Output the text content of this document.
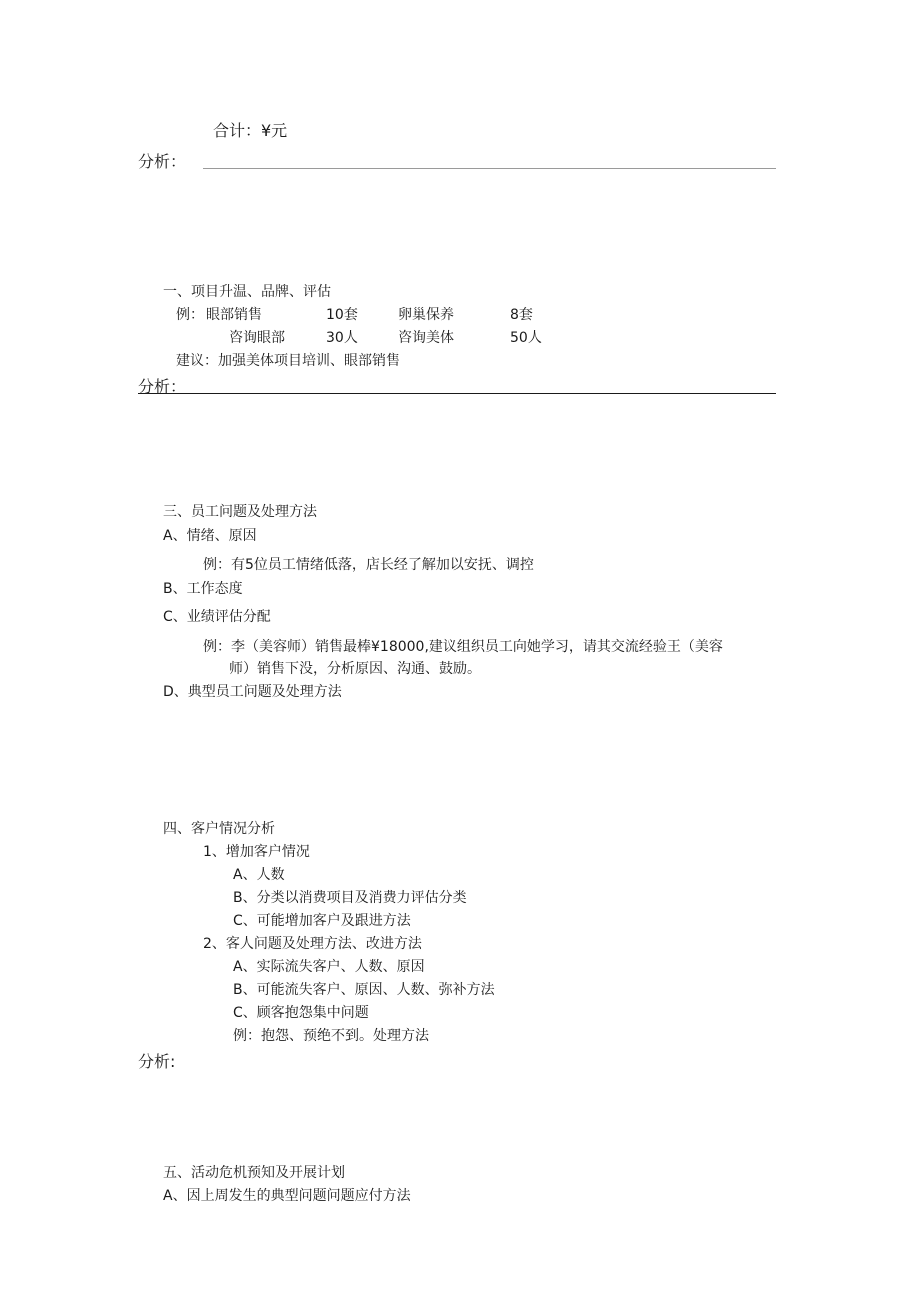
合计：¥元
分析：
一、项目升温、品牌、评估
例： 眼部销售	10套	卵巢保养	8套
咨询眼部	30人	咨询美体	50人
建议：加强美体项目培训、眼部销售
分析：
三、员工问题及处理方法
A、情绪、原因
例：有5位员工情绪低落，店长经了解加以安抚、调控
B、工作态度
C、业绩评估分配
例：李（美容师）销售最棒¥18000,建议组织员工向她学习，请其交流经验王（美容
师）销售下没，分析原因、沟通、鼓励。
D、典型员工问题及处理方法
四、客户情况分析
1、增加客户情况
A、人数
B、分类以消费项目及消费力评估分类
C、可能增加客户及跟进方法
2、客人问题及处理方法、改进方法
A、实际流失客户、人数、原因
B、可能流失客户、原因、人数、弥补方法
C、顾客抱怨集中问题
例：抱怨、预绝不到。处理方法
分析:
五、活动危机预知及开展计划
A、因上周发生的典型问题问题应付方法
